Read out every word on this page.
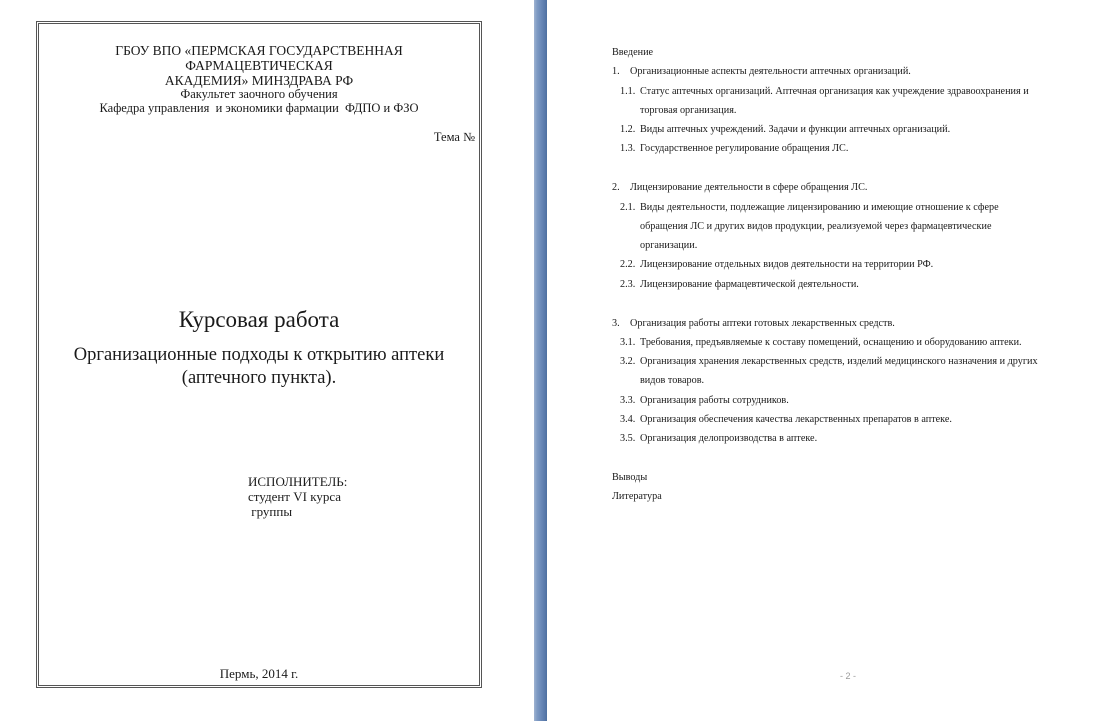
ГБОУ ВПО «ПЕРМСКАЯ ГОСУДАРСТВЕННАЯ ФАРМАЦЕВТИЧЕСКАЯ
АКАДЕМИЯ» МИНЗДРАВА РФ
Факультет заочного обучения
Кафедра управления  и экономики фармации  ФДПО и ФЗО
Тема №
Курсовая работа
Организационные подходы к открытию аптеки
(аптечного пункта).
ИСПОЛНИТЕЛЬ:
студент VI курса
группы
Пермь, 2014 г.
Введение
1. Организационные аспекты деятельности аптечных организаций.
1.1. Статус аптечных организаций. Аптечная организация как учреждение здравоохранения и
торговая организация.
1.2. Виды аптечных учреждений. Задачи и функции аптечных организаций.
1.3. Государственное регулирование обращения ЛС.
2. Лицензирование деятельности в сфере обращения ЛС.
2.1. Виды деятельности, подлежащие лицензированию и имеющие отношение к сфере
обращения ЛС и других видов продукции, реализуемой через фармацевтические
организации.
2.2. Лицензирование отдельных видов деятельности на территории РФ.
2.3. Лицензирование фармацевтической деятельности.
3. Организация работы аптеки готовых лекарственных средств.
3.1. Требования, предъявляемые к составу помещений, оснащению и оборудованию аптеки.
3.2. Организация хранения лекарственных средств, изделий медицинского назначения и других
видов товаров.
3.3. Организация работы сотрудников.
3.4. Организация обеспечения качества лекарственных препаратов в аптеке.
3.5. Организация делопроизводства в аптеке.
Выводы
Литература
- 2 -
